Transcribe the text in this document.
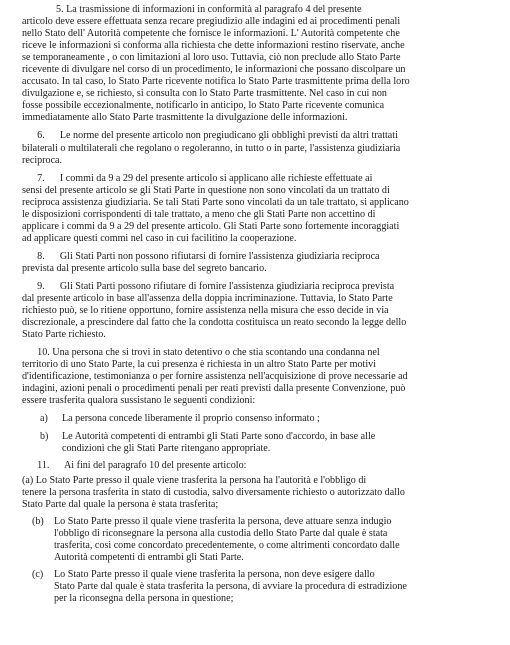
5. La trasmissione di informazioni in conformità al paragrafo 4 del presente
articolo deve essere effettuata senza recare pregiudizio alle indagini ed ai procedimenti penali
nello Stato dell' Autorità competente che fornisce le informazioni. L' Autorità competente che
riceve le informazioni si conforma alla richiesta che dette informazioni restino riservate, anche
se temporaneamente , o con limitazioni al loro uso. Tuttavia, ciò non preclude allo Stato Parte
ricevente di divulgare nel corso di un procedimento, le informazioni che possano discolpare un
accusato. In tal caso, lo Stato Parte ricevente notifica lo Stato Parte trasmittente prima della loro
divulgazione e, se richiesto, si consulta con lo Stato Parte trasmittente. Nel caso in cui non
fosse possibile eccezionalmente, notificarlo in anticipo, lo Stato Parte ricevente comunica
immediatamente allo Stato Parte trasmittente la divulgazione delle informazioni.
6.      Le norme del presente articolo non pregiudicano gli obblighi previsti da altri trattati
bilaterali o multilaterali che regolano o regoleranno, in tutto o in parte, l'assistenza giudiziaria
reciproca.
7.      I commi da 9 a 29 del presente articolo si applicano alle richieste effettuate ai
sensi del presente articolo se gli Stati Parte in questione non sono vincolati da un trattato di
reciproca assistenza giudiziaria. Se tali Stati Parte sono vincolati da un tale trattato, si applicano
le disposizioni corrispondenti di tale trattato, a meno che gli Stati Parte non accettino di
applicare i commi da 9 a 29 del presente articolo. Gli Stati Parte sono fortemente incoraggiati
ad applicare questi commi nel caso in cui facilitino la cooperazione.
8.      Gli Stati Parti non possono rifiutarsi di fornire l'assistenza giudiziaria reciproca
prevista dal presente articolo sulla base del segreto bancario.
9.      Gli Stati Parti possono rifiutare di fornire l'assistenza giudiziaria reciproca prevista
dal presente articolo in base all'assenza della doppia incriminazione. Tuttavia, lo Stato Parte
richiesto può, se lo ritiene opportuno, fornire assistenza nella misura che esso decide in via
discrezionale, a prescindere dal fatto che la condotta costituisca un reato secondo la legge dello
Stato Parte richiesto.
10. Una persona che si trovi in stato detentivo o che stia scontando una condanna nel
territorio di uno Stato Parte, la cui presenza è richiesta in un altro Stato Parte per motivi
d'identificazione, testimonianza o per fornire assistenza nell'acquisizione di prove necessarie ad
indagini, azioni penali o procedimenti penali per reati previsti dalla presente Convenzione, può
essere trasferita qualora sussistano le seguenti condizioni:
a)	La persona concede liberamente il proprio consenso informato ;
b)	Le Autorità competenti di entrambi gli Stati Parte sono d'accordo, in base alle
condizioni che gli Stati Parte ritengano appropriate.
11.      Ai fini del paragrafo 10 del presente articolo:
(a) Lo Stato Parte presso il quale viene trasferita la persona ha l'autorità e l'obbligo di
tenere la persona trasferita in stato di custodia, salvo diversamente richiesto o autorizzato dallo
Stato Parte dal quale la persona è stata trasferita;
(b)	Lo Stato Parte presso il quale viene trasferita la persona, deve attuare senza indugio
l'obbligo di riconsegnare la persona alla custodia dello Stato Parte dal quale è stata
trasferita, così come concordato precedentemente, o come altrimenti concordato dalle
Autorità competenti di entrambi gli Stati Parte.
(c)	Lo Stato Parte presso il quale viene trasferita la persona, non deve esigere dallo
Stato Parte dal quale è stata trasferita la persona, di avviare la procedura di estradizione
per la riconsegna della persona in questione;
